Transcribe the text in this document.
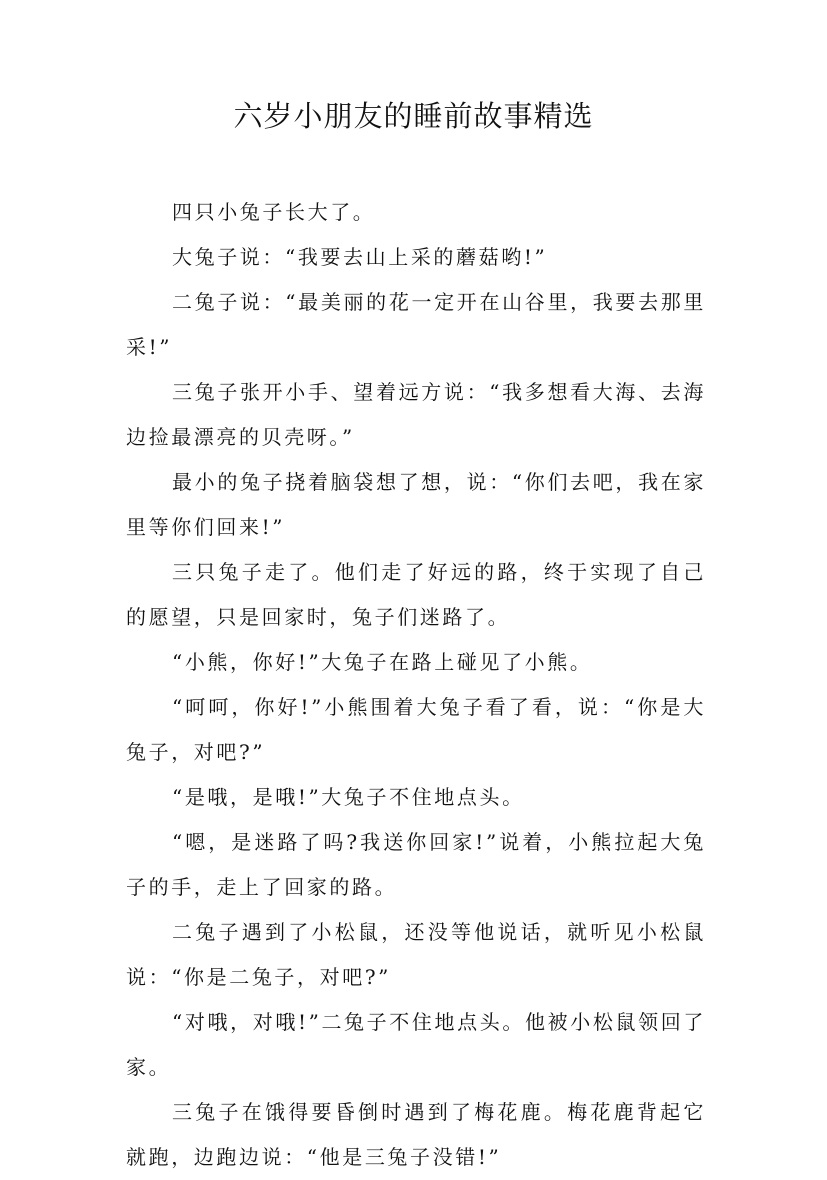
六岁小朋友的睡前故事精选

四只小兔子长大了。

大兔子说：“我要去山上采的蘑菇哟!”

二兔子说：“最美丽的花一定开在山谷里，我要去那里采!”

三兔子张开小手、望着远方说：“我多想看大海、去海边捡最漂亮的贝壳呀。”

最小的兔子挠着脑袋想了想，说：“你们去吧，我在家里等你们回来!”

三只兔子走了。他们走了好远的路，终于实现了自己的愿望，只是回家时，兔子们迷路了。

“小熊，你好!”大兔子在路上碰见了小熊。

“呵呵，你好!”小熊围着大兔子看了看，说：“你是大兔子，对吧?”

“是哦，是哦!”大兔子不住地点头。

“嗯，是迷路了吗?我送你回家!”说着，小熊拉起大兔子的手，走上了回家的路。

二兔子遇到了小松鼠，还没等他说话，就听见小松鼠说：“你是二兔子，对吧?”

“对哦，对哦!”二兔子不住地点头。他被小松鼠领回了家。

三兔子在饿得要昏倒时遇到了梅花鹿。梅花鹿背起它就跑，边跑边说：“他是三兔子没错!”
